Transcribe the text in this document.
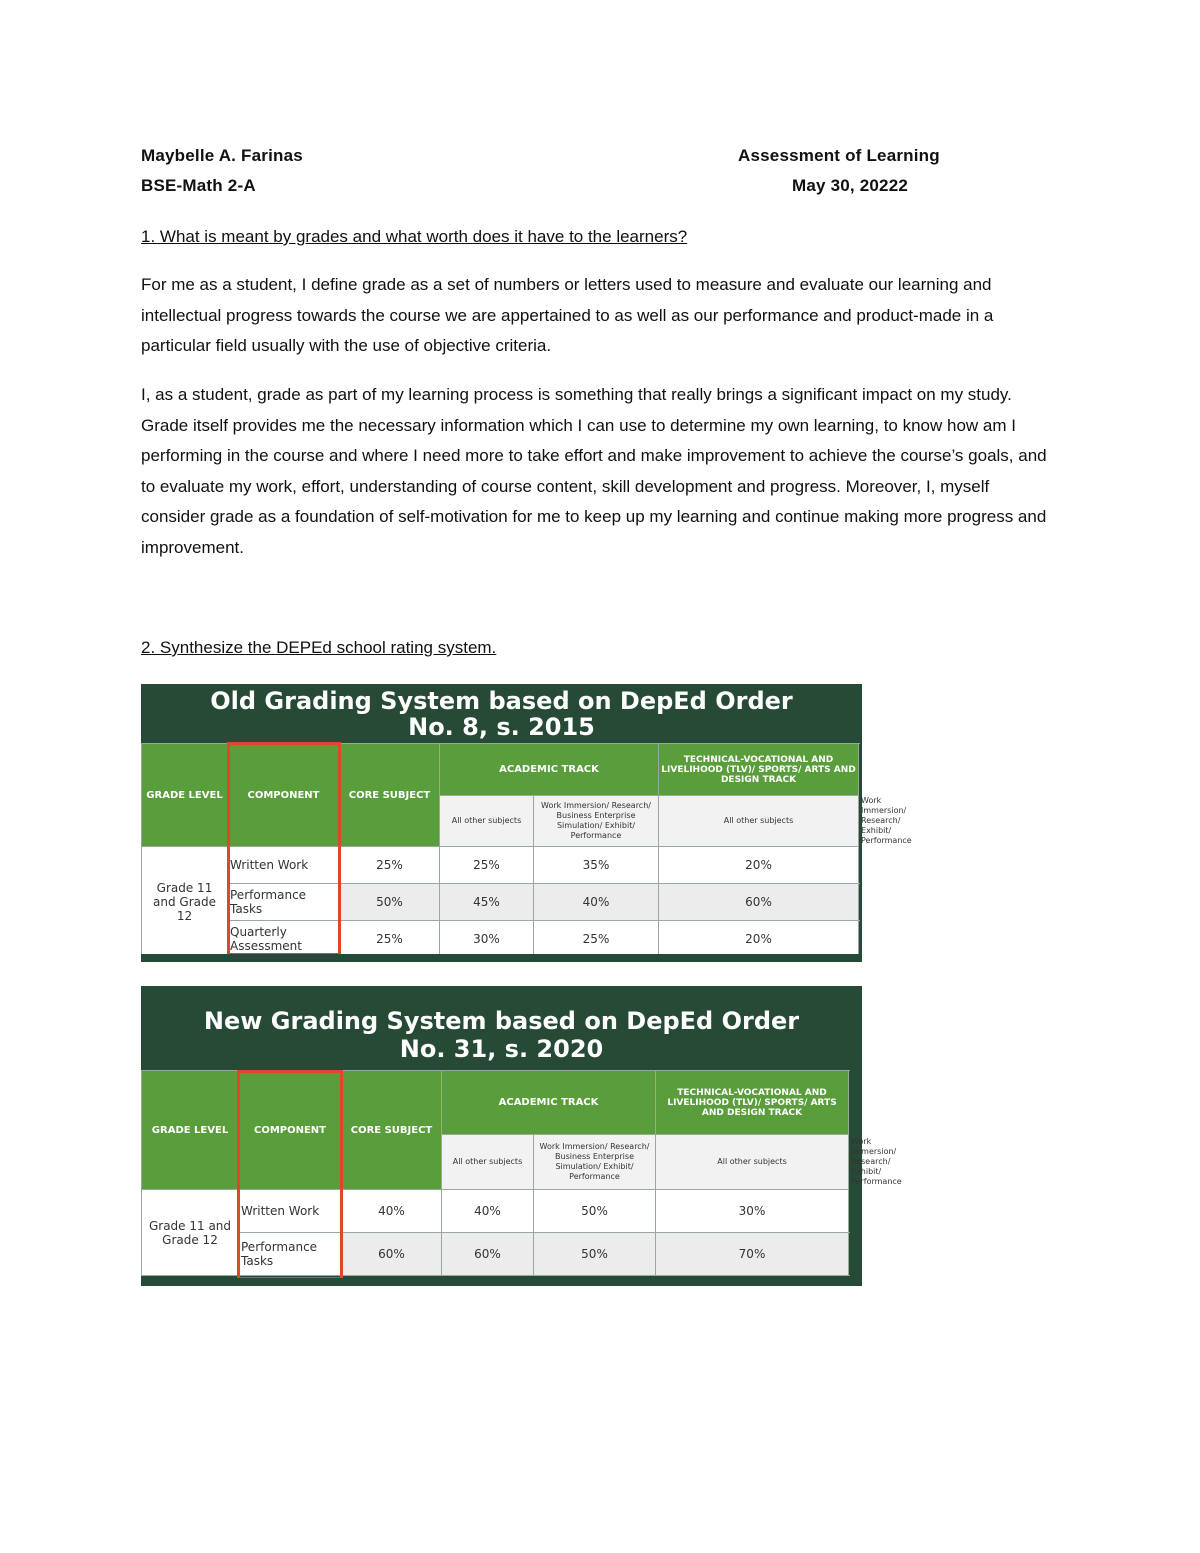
Maybelle A. Farinas	Assessment of Learning
BSE-Math 2-A	May 30, 20222
1. What is meant by grades and what worth does it have to the learners?

For me as a student, I define grade as a set of numbers or letters used to measure and evaluate our learning and intellectual progress towards the course we are appertained to as well as our performance and product-made in a particular field usually with the use of objective criteria.

I, as a student, grade as part of my learning process is something that really brings a significant impact on my study. Grade itself provides me the necessary information which I can use to determine my own learning, to know how am I performing in the course and where I need more to take effort and make improvement to achieve the course’s goals, and to evaluate my work, effort, understanding of course content, skill development and progress. Moreover, I, myself consider grade as a foundation of self-motivation for me to keep up my learning and continue making more progress and improvement.

2. Synthesize the DEPEd school rating system.
Old Grading System based on DepEd Order
No. 8, s. 2015
GRADE LEVEL	COMPONENT	CORE SUBJECT	ACADEMIC TRACK		TECHNICAL-VOCATIONAL AND LIVELIHOOD (TLV)/ SPORTS/ ARTS AND DESIGN TRACK	
			All other subjects	Work Immersion/ Research/ Business Enterprise Simulation/ Exhibit/ Performance	All other subjects	Work Immersion/ Research/ Exhibit/ Performance
Grade 11 and Grade 12	Written Work	25%	25%	35%	20%	
	Performance Tasks	50%	45%	40%	60%	
	Quarterly Assessment	25%	30%	25%	20%	
New Grading System based on DepEd Order
No. 31, s. 2020
GRADE LEVEL	COMPONENT	CORE SUBJECT	ACADEMIC TRACK		TECHNICAL-VOCATIONAL AND LIVELIHOOD (TLV)/ SPORTS/ ARTS AND DESIGN TRACK	
			All other subjects	Work Immersion/ Research/ Business Enterprise Simulation/ Exhibit/ Performance	All other subjects	Work Immersion/ Research/ Exhibit/ Performance
Grade 11 and Grade 12	Written Work	40%	40%	50%	30%	
	Performance Tasks	60%	60%	50%	70%	
